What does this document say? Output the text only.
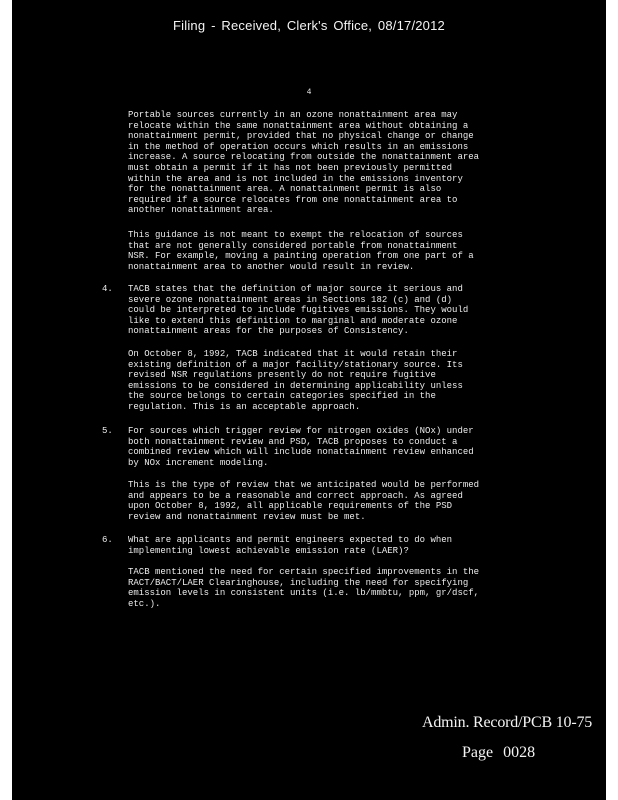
Filing - Received, Clerk's Office, 08/17/2012
4
Portable sources currently in an ozone nonattainment area may
relocate within the same nonattainment area without obtaining a
nonattainment permit, provided that no physical change or change
in the method of operation occurs which results in an emissions
increase. A source relocating from outside the nonattainment area
must obtain a permit if it has not been previously permitted
within the area and is not included in the emissions inventory
for the nonattainment area. A nonattainment permit is also
required if a source relocates from one nonattainment area to
another nonattainment area.
This guidance is not meant to exempt the relocation of sources
that are not generally considered portable from nonattainment
NSR. For example, moving a painting operation from one part of a
nonattainment area to another would result in review.
4. TACB states that the definition of major source it serious and
severe ozone nonattainment areas in Sections 182 (c) and (d)
could be interpreted to include fugitives emissions. They would
like to extend this definition to marginal and moderate ozone
nonattainment areas for the purposes of Consistency.
On October 8, 1992, TACB indicated that it would retain their
existing definition of a major facility/stationary source. Its
revised NSR regulations presently do not require fugitive
emissions to be considered in determining applicability unless
the source belongs to certain categories specified in the
regulation. This is an acceptable approach.
5. For sources which trigger review for nitrogen oxides (NOx) under
both nonattainment review and PSD, TACB proposes to conduct a
combined review which will include nonattainment review enhanced
by NOx increment modeling.
This is the type of review that we anticipated would be performed
and appears to be a reasonable and correct approach. As agreed
upon October 8, 1992, all applicable requirements of the PSD
review and nonattainment review must be met.
6. What are applicants and permit engineers expected to do when
implementing lowest achievable emission rate (LAER)?
TACB mentioned the need for certain specified improvements in the
RACT/BACT/LAER Clearinghouse, including the need for specifying
emission levels in consistent units (i.e. lb/mmbtu, ppm, gr/dscf,
etc.).
Admin. Record/PCB 10-75
Page 0028
